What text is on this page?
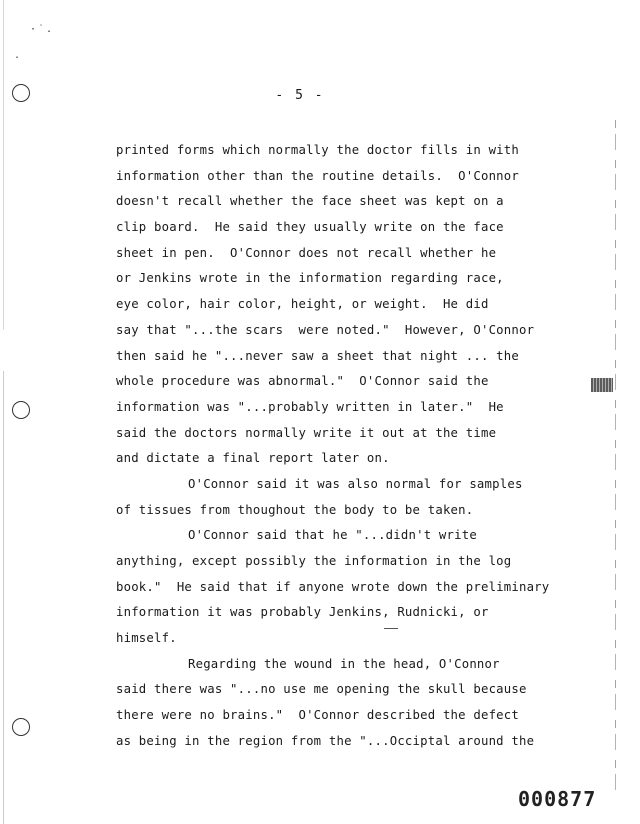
·˙.
.
- 5 -
printed forms which normally the doctor fills in with
information other than the routine details.  O'Connor
doesn't recall whether the face sheet was kept on a
clip board.  He said they usually write on the face
sheet in pen.  O'Connor does not recall whether he
or Jenkins wrote in the information regarding race,
eye color, hair color, height, or weight.  He did
say that "...the scars  were noted."  However, O'Connor
then said he "...never saw a sheet that night ... the
whole procedure was abnormal."  O'Connor said the
information was "...probably written in later."  He
said the doctors normally write it out at the time
and dictate a final report later on.
O'Connor said it was also normal for samples
of tissues from thoughout the body to be taken.
O'Connor said that he "...didn't write
anything, except possibly the information in the log
book."  He said that if anyone wrote down the preliminary
information it was probably Jenkins, Rudnicki, or
himself.
Regarding the wound in the head, O'Connor
said there was "...no use me opening the skull because
there were no brains."  O'Connor described the defect
as being in the region from the "...Occiptal around the
000877
